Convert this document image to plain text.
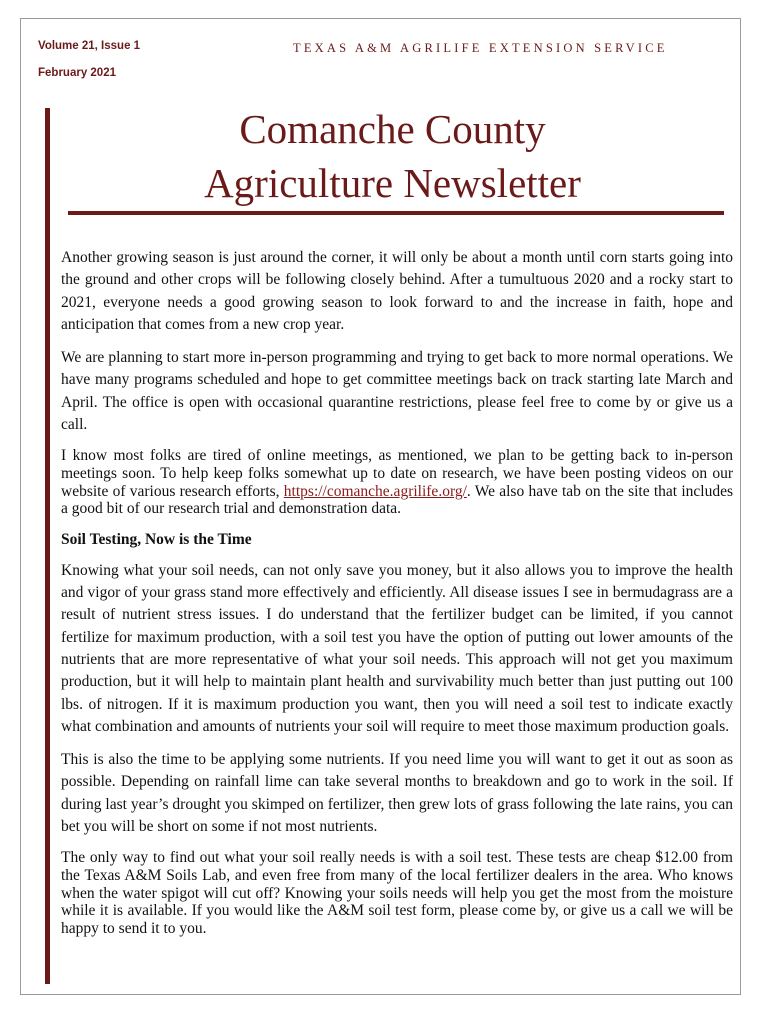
Volume 21, Issue 1
February 2021
TEXAS A&M AGRILIFE EXTENSION SERVICE
Comanche County
Agriculture Newsletter

Another growing season is just around the corner, it will only be about a month until corn starts going into the ground and other crops will be following closely behind. After a tumultuous 2020 and a rocky start to 2021, everyone needs a good growing season to look forward to and the increase in faith, hope and anticipation that comes from a new crop year.

We are planning to start more in-person programming and trying to get back to more normal operations. We have many programs scheduled and hope to get committee meetings back on track starting late March and April. The office is open with occasional quarantine restrictions, please feel free to come by or give us a call.

I know most folks are tired of online meetings, as mentioned, we plan to be getting back to in-person meetings soon. To help keep folks somewhat up to date on research, we have been posting videos on our website of various research efforts, https://comanche.agrilife.org/. We also have tab on the site that includes a good bit of our research trial and demonstration data.

Soil Testing, Now is the Time

Knowing what your soil needs, can not only save you money, but it also allows you to improve the health and vigor of your grass stand more effectively and efficiently. All disease issues I see in bermudagrass are a result of nutrient stress issues. I do understand that the fertilizer budget can be limited, if you cannot fertilize for maximum production, with a soil test you have the option of putting out lower amounts of the nutrients that are more representative of what your soil needs. This approach will not get you maximum production, but it will help to maintain plant health and survivability much better than just putting out 100 lbs. of nitrogen. If it is maximum production you want, then you will need a soil test to indicate exactly what combination and amounts of nutrients your soil will require to meet those maximum production goals.

This is also the time to be applying some nutrients. If you need lime you will want to get it out as soon as possible. Depending on rainfall lime can take several months to breakdown and go to work in the soil. If during last year’s drought you skimped on fertilizer, then grew lots of grass following the late rains, you can bet you will be short on some if not most nutrients.

The only way to find out what your soil really needs is with a soil test. These tests are cheap $12.00 from the Texas A&M Soils Lab, and even free from many of the local fertilizer dealers in the area. Who knows when the water spigot will cut off? Knowing your soils needs will help you get the most from the moisture while it is available. If you would like the A&M soil test form, please come by, or give us a call we will be happy to send it to you.
